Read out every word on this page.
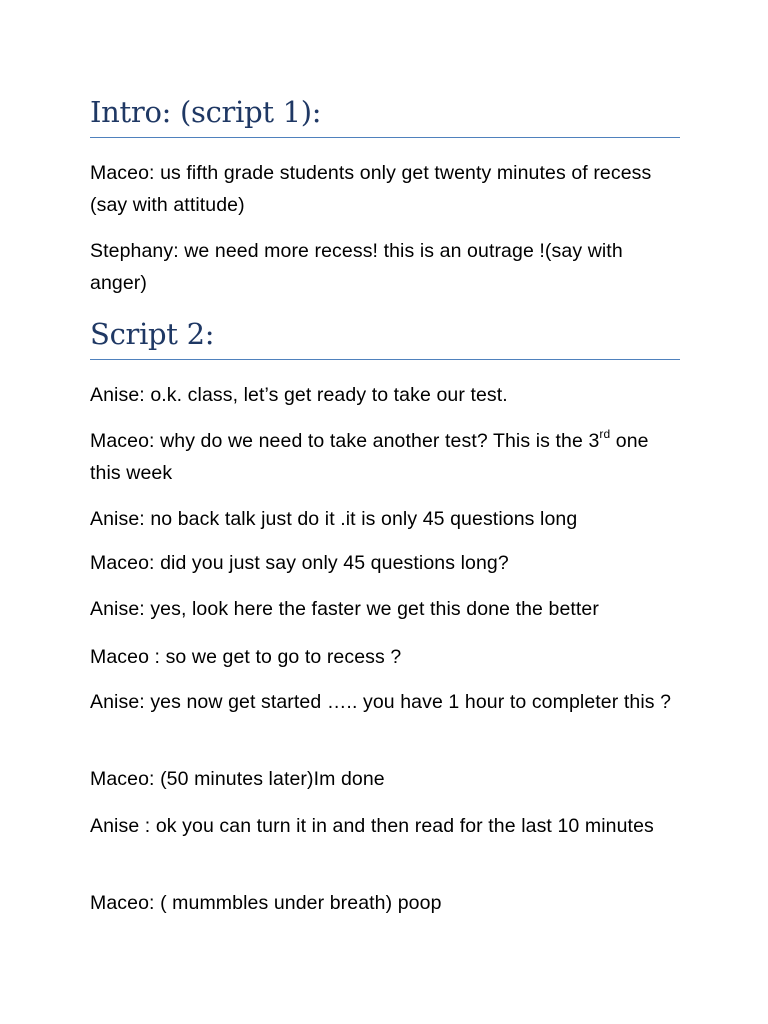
Intro: (script 1):

Maceo: us fifth grade students only get twenty minutes of recess (say with attitude)

Stephany: we need more recess! this is an outrage !(say with anger)

Script 2:

Anise: o.k. class, let’s get ready to take our test.

Maceo: why do we need to take another test? This is the 3rd one this week

Anise: no back talk just do it .it is only 45 questions long

Maceo: did you just say only 45 questions long?

Anise: yes, look here the faster we get this done the better

Maceo : so we get to go to recess ?

Anise: yes now get started ….. you have 1 hour to completer this ?

Maceo: (50 minutes later)Im done

Anise : ok you can turn it in and then read for the last 10 minutes

Maceo: ( mummbles under breath) poop
